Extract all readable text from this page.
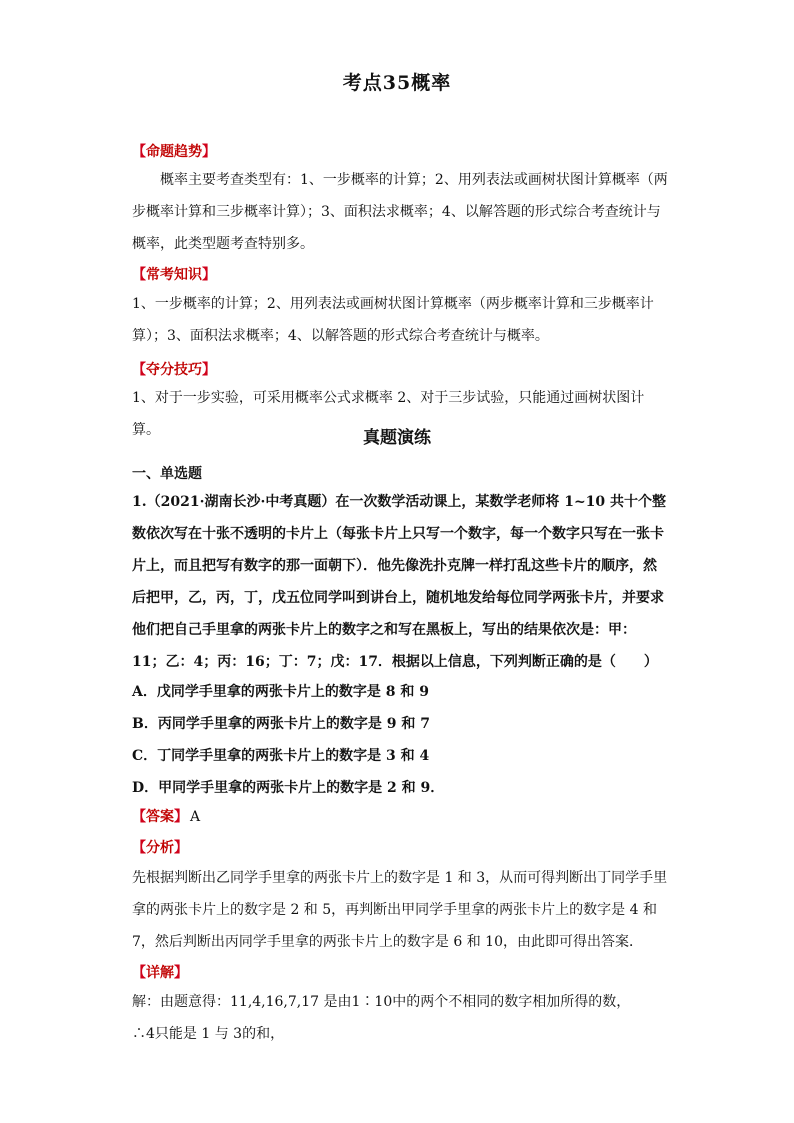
考点35概率
【命题趋势】

概率主要考查类型有：1、一步概率的计算；2、用列表法或画树状图计算概率（两步概率计算和三步概率计算）；3、面积法求概率；4、以解答题的形式综合考查统计与概率，此类型题考查特别多。

【常考知识】

1、一步概率的计算；2、用列表法或画树状图计算概率（两步概率计算和三步概率计算）；3、面积法求概率；4、以解答题的形式综合考查统计与概率。

【夺分技巧】

1、对于一步实验，可采用概率公式求概率 2、对于三步试验，只能通过画树状图计算。	真题演练
一、单选题

1.（2021·湖南长沙·中考真题）在一次数学活动课上，某数学老师将 1~10 共十个整数依次写在十张不透明的卡片上（每张卡片上只写一个数字，每一个数字只写在一张卡片上，而且把写有数字的那一面朝下）．他先像洗扑克牌一样打乱这些卡片的顺序，然后把甲，乙，丙，丁，戊五位同学叫到讲台上，随机地发给每位同学两张卡片，并要求他们把自己手里拿的两张卡片上的数字之和写在黑板上，写出的结果依次是：甲：11；乙：4；丙：16；丁：7；戊：17．根据以上信息，下列判断正确的是（　　）

A．戊同学手里拿的两张卡片上的数字是 8 和 9
B．丙同学手里拿的两张卡片上的数字是 9 和 7
C．丁同学手里拿的两张卡片上的数字是 3 和 4
D．甲同学手里拿的两张卡片上的数字是 2 和 9．
【答案】 A
【分析】

先根据判断出乙同学手里拿的两张卡片上的数字是 1 和 3，从而可得判断出丁同学手里拿的两张卡片上的数字是 2 和 5，再判断出甲同学手里拿的两张卡片上的数字是 4 和 7，然后判断出丙同学手里拿的两张卡片上的数字是 6 和 10，由此即可得出答案．

【详解】

解：由题意得：11,4,16,7,17 是由1∶10中的两个不相同的数字相加所得的数，

∴4只能是 1 与 3的和，
